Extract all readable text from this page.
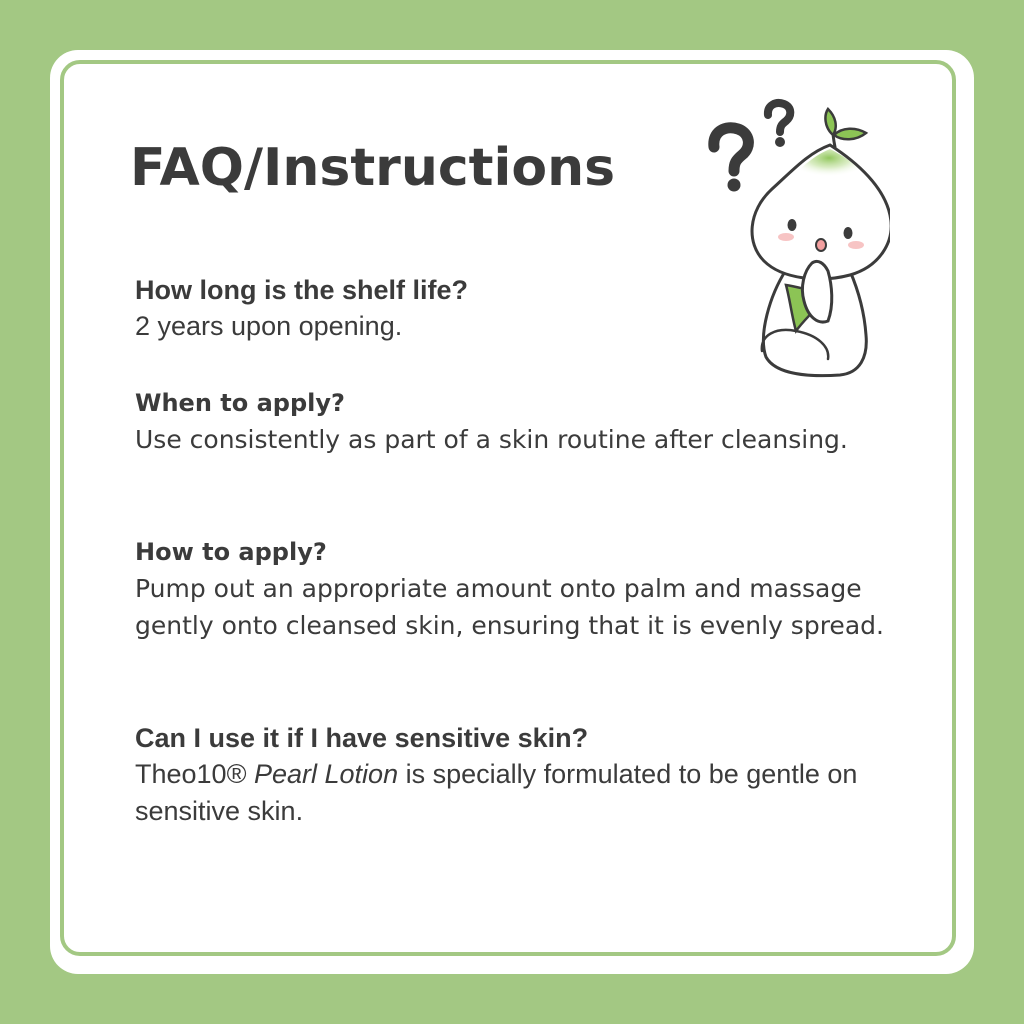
FAQ/Instructions

How long is the shelf life?

2 years upon opening.

When to apply?

Use consistently as part of a skin routine after cleansing.

How to apply?

Pump out an appropriate amount onto palm and massage gently onto cleansed skin, ensuring that it is evenly spread.

Can I use it if I have sensitive skin?

Theo10® Pearl Lotion is specially formulated to be gentle on sensitive skin.
